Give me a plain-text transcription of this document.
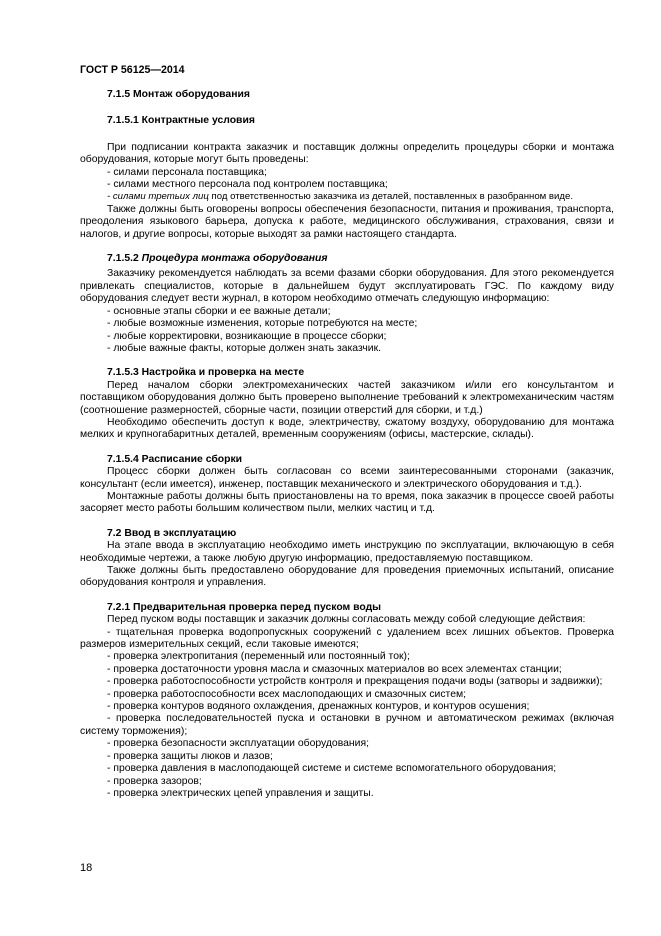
ГОСТ Р 56125—2014

7.1.5 Монтаж оборудования

7.1.5.1 Контрактные условия

При подписании контракта заказчик и поставщик должны определить процедуры сборки и монтажа оборудования, которые могут быть проведены:

- силами персонала поставщика;

- силами местного персонала под контролем поставщика;

- силами третьих лиц под ответственностью заказчика из деталей, поставленных в разобранном виде.

Также должны быть оговорены вопросы обеспечения безопасности, питания и проживания, транспорта, преодоления языкового барьера, допуска к работе, медицинского обслуживания, страхования, связи и налогов, и другие вопросы, которые выходят за рамки настоящего стандарта.

7.1.5.2 Процедура монтажа оборудования

Заказчику рекомендуется наблюдать за всеми фазами сборки оборудования. Для этого рекомендуется привлекать специалистов, которые в дальнейшем будут эксплуатировать ГЭС. По каждому виду оборудования следует вести журнал, в котором необходимо отмечать следующую информацию:

- основные этапы сборки и ее важные детали;

- любые возможные изменения, которые потребуются на месте;

- любые корректировки, возникающие в процессе сборки;

- любые важные факты, которые должен знать заказчик.

7.1.5.3 Настройка и проверка на месте

Перед началом сборки электромеханических частей заказчиком и/или его консультантом и поставщиком оборудования должно быть проверено выполнение требований к электромеханическим частям (соотношение размерностей, сборные части, позиции отверстий для сборки, и т.д.)

Необходимо обеспечить доступ к воде, электричеству, сжатому воздуху, оборудованию для монтажа мелких и крупногабаритных деталей, временным сооружениям (офисы, мастерские, склады).

7.1.5.4 Расписание сборки

Процесс сборки должен быть согласован со всеми заинтересованными сторонами (заказчик, консультант (если имеется), инженер, поставщик механического и электрического оборудования и т.д.).

Монтажные работы должны быть приостановлены на то время, пока заказчик в процессе своей работы засоряет место работы большим количеством пыли, мелких частиц и т.д.

7.2 Ввод в эксплуатацию

На этапе ввода в эксплуатацию необходимо иметь инструкцию по эксплуатации, включающую в себя необходимые чертежи, а также любую другую информацию, предоставляемую поставщиком.

Также должны быть предоставлено оборудование для проведения приемочных испытаний, описание оборудования контроля и управления.

7.2.1 Предварительная проверка перед пуском воды

Перед пуском воды поставщик и заказчик должны согласовать между собой следующие действия:

- тщательная проверка водопропускных сооружений с удалением всех лишних объектов. Проверка размеров измерительных секций, если таковые имеются;

- проверка электропитания (переменный или постоянный ток);

- проверка достаточности уровня масла и смазочных материалов во всех элементах станции;

- проверка работоспособности устройств контроля и прекращения подачи воды (затворы и задвижки);

- проверка работоспособности всех маслоподающих и смазочных систем;

- проверка контуров водяного охлаждения, дренажных контуров, и контуров осушения;

- проверка последовательностей пуска и остановки в ручном и автоматическом режимах (включая систему торможения);

- проверка безопасности эксплуатации оборудования;

- проверка защиты люков и лазов;

- проверка давления в маслоподающей системе и системе вспомогательного оборудования;

- проверка зазоров;

- проверка электрических цепей управления и защиты.

18
